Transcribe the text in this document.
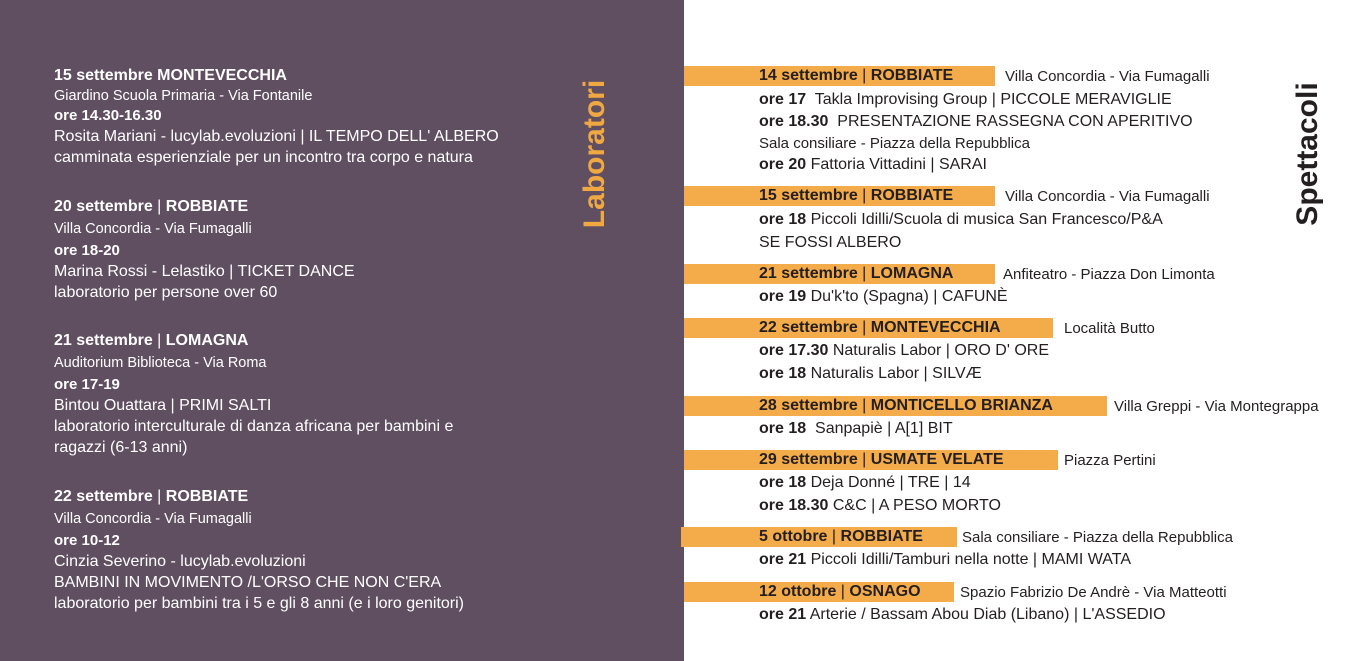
Laboratori	Spettacoli
15 settembre MONTEVECCHIA
Giardino Scuola Primaria - Via Fontanile
ore 14.30-16.30
Rosita Mariani - lucylab.evoluzioni | IL TEMPO DELL' ALBERO
camminata esperienziale per un incontro tra corpo e natura
20 settembre | ROBBIATE
Villa Concordia - Via Fumagalli
ore 18-20
Marina Rossi - Lelastiko | TICKET DANCE
laboratorio per persone over 60
21 settembre | LOMAGNA
Auditorium Biblioteca - Via Roma
ore 17-19
Bintou Ouattara | PRIMI SALTI
laboratorio interculturale di danza africana per bambini e
ragazzi (6-13 anni)
22 settembre | ROBBIATE
Villa Concordia - Via Fumagalli
ore 10-12
Cinzia Severino - lucylab.evoluzioni
BAMBINI IN MOVIMENTO /L'ORSO CHE NON C'ERA
laboratorio per bambini tra i 5 e gli 8 anni (e i loro genitori)
14 settembre | ROBBIATE	Villa Concordia - Via Fumagalli
ore 17 Takla Improvising Group | PICCOLE MERAVIGLIE
ore 18.30 PRESENTAZIONE RASSEGNA CON APERITIVO
Sala consiliare - Piazza della Repubblica
ore 20 Fattoria Vittadini | SARAI
15 settembre | ROBBIATE	Villa Concordia - Via Fumagalli
ore 18 Piccoli Idilli/Scuola di musica San Francesco/P&A
SE FOSSI ALBERO
21 settembre | LOMAGNA	Anfiteatro - Piazza Don Limonta
ore 19 Du'k'to (Spagna) | CAFUNÈ
22 settembre | MONTEVECCHIA	Località Butto
ore 17.30 Naturalis Labor | ORO D' ORE
ore 18 Naturalis Labor | SILVÆ
28 settembre | MONTICELLO BRIANZA	Villa Greppi - Via Montegrappa
ore 18 Sanpapiè | A[1] BIT
29 settembre | USMATE VELATE	Piazza Pertini
ore 18 Deja Donné | TRE | 14
ore 18.30 C&C | A PESO MORTO
5 ottobre | ROBBIATE	Sala consiliare - Piazza della Repubblica
ore 21 Piccoli Idilli/Tamburi nella notte | MAMI WATA
12 ottobre | OSNAGO	Spazio Fabrizio De Andrè - Via Matteotti
ore 21 Arterie / Bassam Abou Diab (Libano) | L'ASSEDIO
